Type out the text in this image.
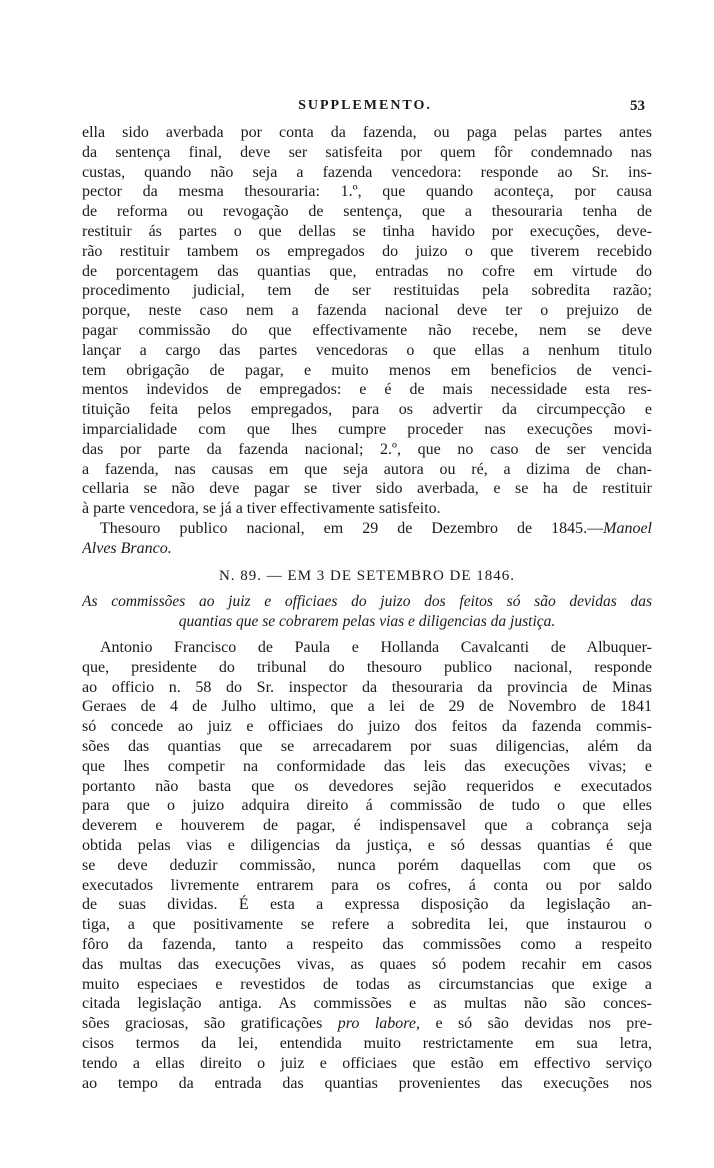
SUPPLEMENTO.	53
ella sido averbada por conta da fazenda, ou paga pelas partes antes
da sentença final, deve ser satisfeita por quem fôr condemnado nas
custas, quando não seja a fazenda vencedora: responde ao Sr. ins-
pector da mesma thesouraria: 1.º, que quando aconteça, por causa
de reforma ou revogação de sentença, que a thesouraria tenha de
restituir ás partes o que dellas se tinha havido por execuções, deve-
rão restituir tambem os empregados do juizo o que tiverem recebido
de porcentagem das quantias que, entradas no cofre em virtude do
procedimento judicial, tem de ser restituidas pela sobredita razão;
porque, neste caso nem a fazenda nacional deve ter o prejuizo de
pagar commissão do que effectivamente não recebe, nem se deve
lançar a cargo das partes vencedoras o que ellas a nenhum titulo
tem obrigação de pagar, e muito menos em beneficios de venci-
mentos indevidos de empregados: e é de mais necessidade esta res-
tituição feita pelos empregados, para os advertir da circumpecção e
imparcialidade com que lhes cumpre proceder nas execuções movi-
das por parte da fazenda nacional; 2.º, que no caso de ser vencida
a fazenda, nas causas em que seja autora ou ré, a dizima de chan-
cellaria se não deve pagar se tiver sido averbada, e se ha de restituir
à parte vencedora, se já a tiver effectivamente satisfeito.
Thesouro publico nacional, em 29 de Dezembro de 1845.—Manoel
Alves Branco.
N. 89. — EM 3 DE SETEMBRO DE 1846.
As commissões ao juiz e officiaes do juizo dos feitos só são devidas das
quantias que se cobrarem pelas vias e diligencias da justiça.
Antonio Francisco de Paula e Hollanda Cavalcanti de Albuquer-
que, presidente do tribunal do thesouro publico nacional, responde
ao officio n. 58 do Sr. inspector da thesouraria da provincia de Minas
Geraes de 4 de Julho ultimo, que a lei de 29 de Novembro de 1841
só concede ao juiz e officiaes do juizo dos feitos da fazenda commis-
sões das quantias que se arrecadarem por suas diligencias, além da
que lhes competir na conformidade das leis das execuções vivas; e
portanto não basta que os devedores sejão requeridos e executados
para que o juizo adquira direito á commissão de tudo o que elles
deverem e houverem de pagar, é indispensavel que a cobrança seja
obtida pelas vias e diligencias da justiça, e só dessas quantias é que
se deve deduzir commissão, nunca porém daquellas com que os
executados livremente entrarem para os cofres, á conta ou por saldo
de suas dividas. É esta a expressa disposição da legislação an-
tiga, a que positivamente se refere a sobredita lei, que instaurou o
fôro da fazenda, tanto a respeito das commissões como a respeito
das multas das execuções vivas, as quaes só podem recahir em casos
muito especiaes e revestidos de todas as circumstancias que exige a
citada legislação antiga. As commissões e as multas não são conces-
sões graciosas, são gratificações pro labore, e só são devidas nos pre-
cisos termos da lei, entendida muito restrictamente em sua letra,
tendo a ellas direito o juiz e officiaes que estão em effectivo serviço
ao tempo da entrada das quantias provenientes das execuções nos
